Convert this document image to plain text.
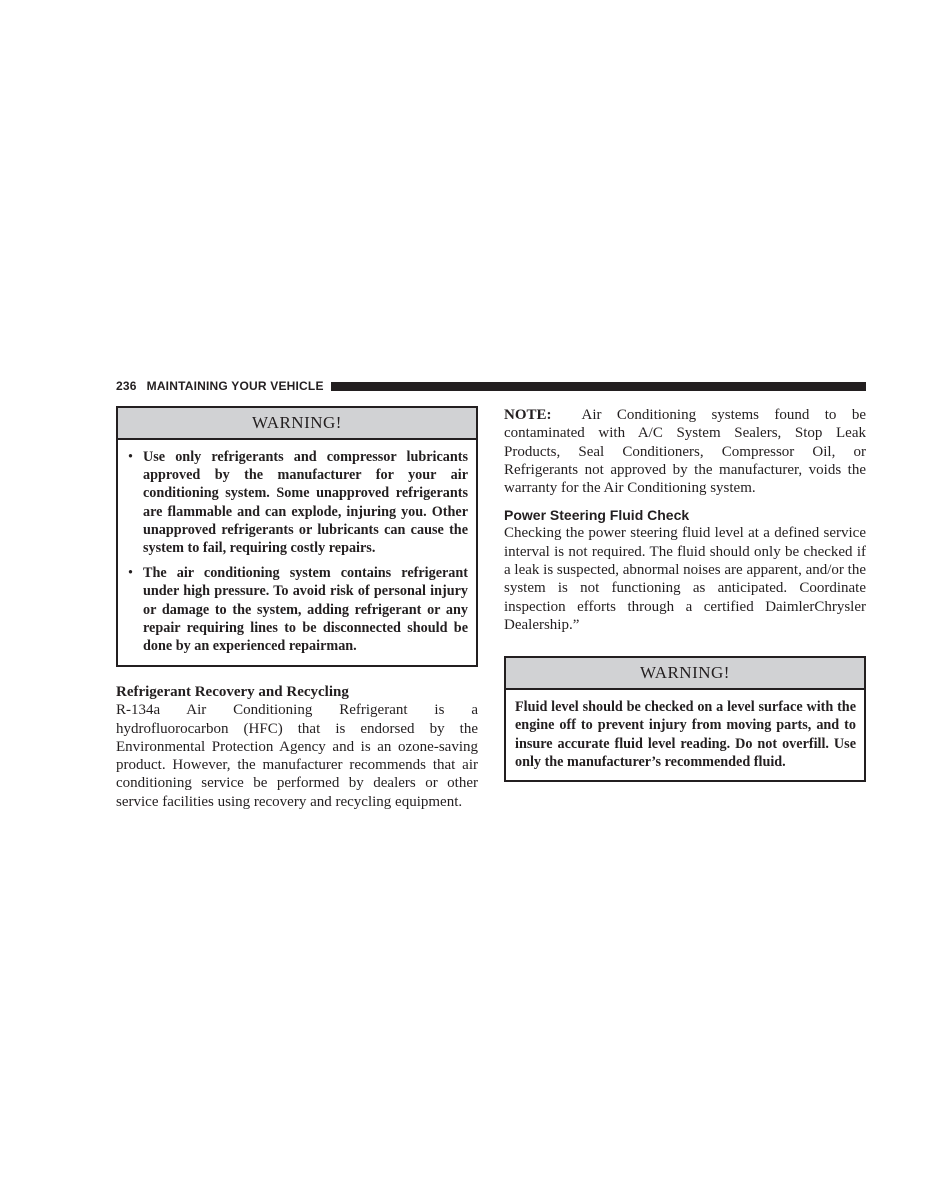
236 MAINTAINING YOUR VEHICLE
WARNING!
• Use only refrigerants and compressor lubricants approved by the manufacturer for your air conditioning system. Some unapproved refrigerants are flammable and can explode, injuring you. Other unapproved refrigerants or lubricants can cause the system to fail, requiring costly repairs.
• The air conditioning system contains refrigerant under high pressure. To avoid risk of personal injury or damage to the system, adding refrigerant or any repair requiring lines to be disconnected should be done by an experienced repairman.
Refrigerant Recovery and Recycling

R-134a Air Conditioning Refrigerant is a hydrofluorocarbon (HFC) that is endorsed by the Environmental Protection Agency and is an ozone-saving product. However, the manufacturer recommends that air conditioning service be performed by dealers or other service facilities using recovery and recycling equipment.

NOTE: Air Conditioning systems found to be contaminated with A/C System Sealers, Stop Leak Products, Seal Conditioners, Compressor Oil, or Refrigerants not approved by the manufacturer, voids the warranty for the Air Conditioning system.

Power Steering Fluid Check

Checking the power steering fluid level at a defined service interval is not required. The fluid should only be checked if a leak is suspected, abnormal noises are apparent, and/or the system is not functioning as anticipated. Coordinate inspection efforts through a certified DaimlerChrysler Dealership.”

WARNING!
Fluid level should be checked on a level surface with the engine off to prevent injury from moving parts, and to insure accurate fluid level reading. Do not overfill. Use only the manufacturer’s recommended fluid.
